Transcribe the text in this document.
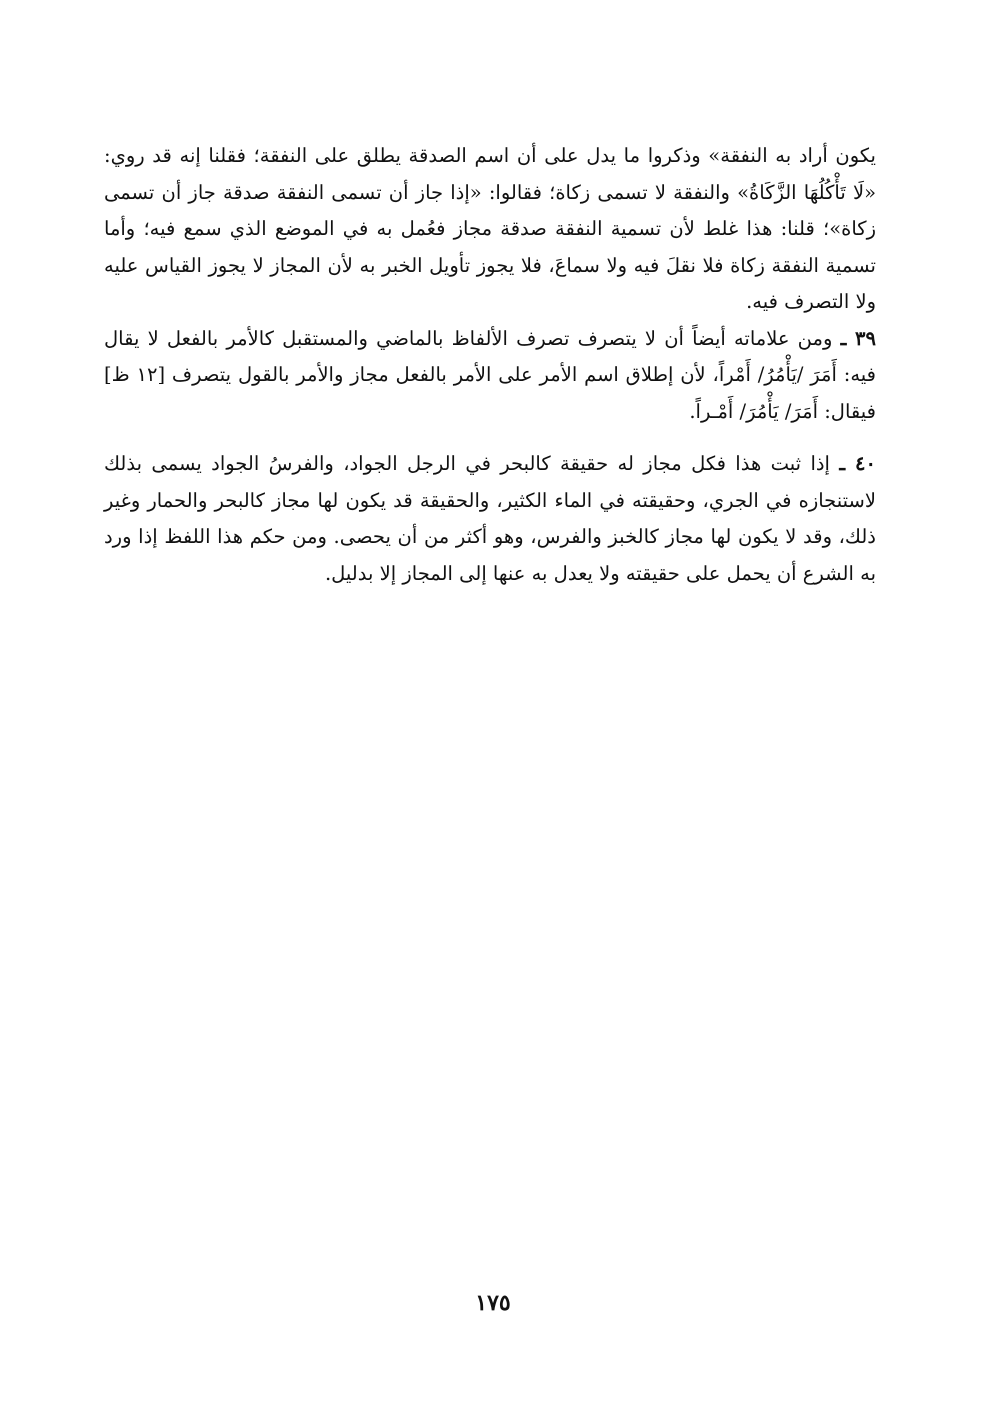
يكون أراد به النفقة» وذكروا ما يدل على أن اسم الصدقة يطلق على النفقة؛ فقلنا إنه قد روي: «لَا تَأْكُلُهَا الزَّكَاةُ» والنفقة لا تسمى زكاة؛ فقالوا: «إذا جاز أن تسمى النفقة صدقة جاز أن تسمى زكاة»؛ قلنا: هذا غلط لأن تسمية النفقة صدقة مجاز فعُمل به في الموضع الذي سمع فيه؛ وأما تسمية النفقة زكاة فلا نقلَ فيه ولا سماعَ، فلا يجوز تأويل الخبر به لأن المجاز لا يجوز القياس عليه ولا التصرف فيه.

٣٩ ـ ومن علاماته أيضاً أن لا يتصرف تصرف الألفاظ بالماضي والمستقبل كالأمر بالفعل لا يقال فيه: أَمَرَ /يَأْمُرُ/ أَمْراً، لأن إطلاق اسم الأمر على الأمر بالفعل مجاز والأمر بالقول يتصرف [١٢ ظ] فيقال: أَمَرَ/ يَأْمُرَ/ أَمْـراً.

٤٠ ـ إذا ثبت هذا فكل مجاز له حقيقة كالبحر في الرجل الجواد، والفرسُ الجواد يسمى بذلك لاستنجازه في الجري، وحقيقته في الماء الكثير، والحقيقة قد يكون لها مجاز كالبحر والحمار وغير ذلك، وقد لا يكون لها مجاز كالخبز والفرس، وهو أكثر من أن يحصى. ومن حكم هذا اللفظ إذا ورد به الشرع أن يحمل على حقيقته ولا يعدل به عنها إلى المجاز إلا بدليل.

١٧٥
